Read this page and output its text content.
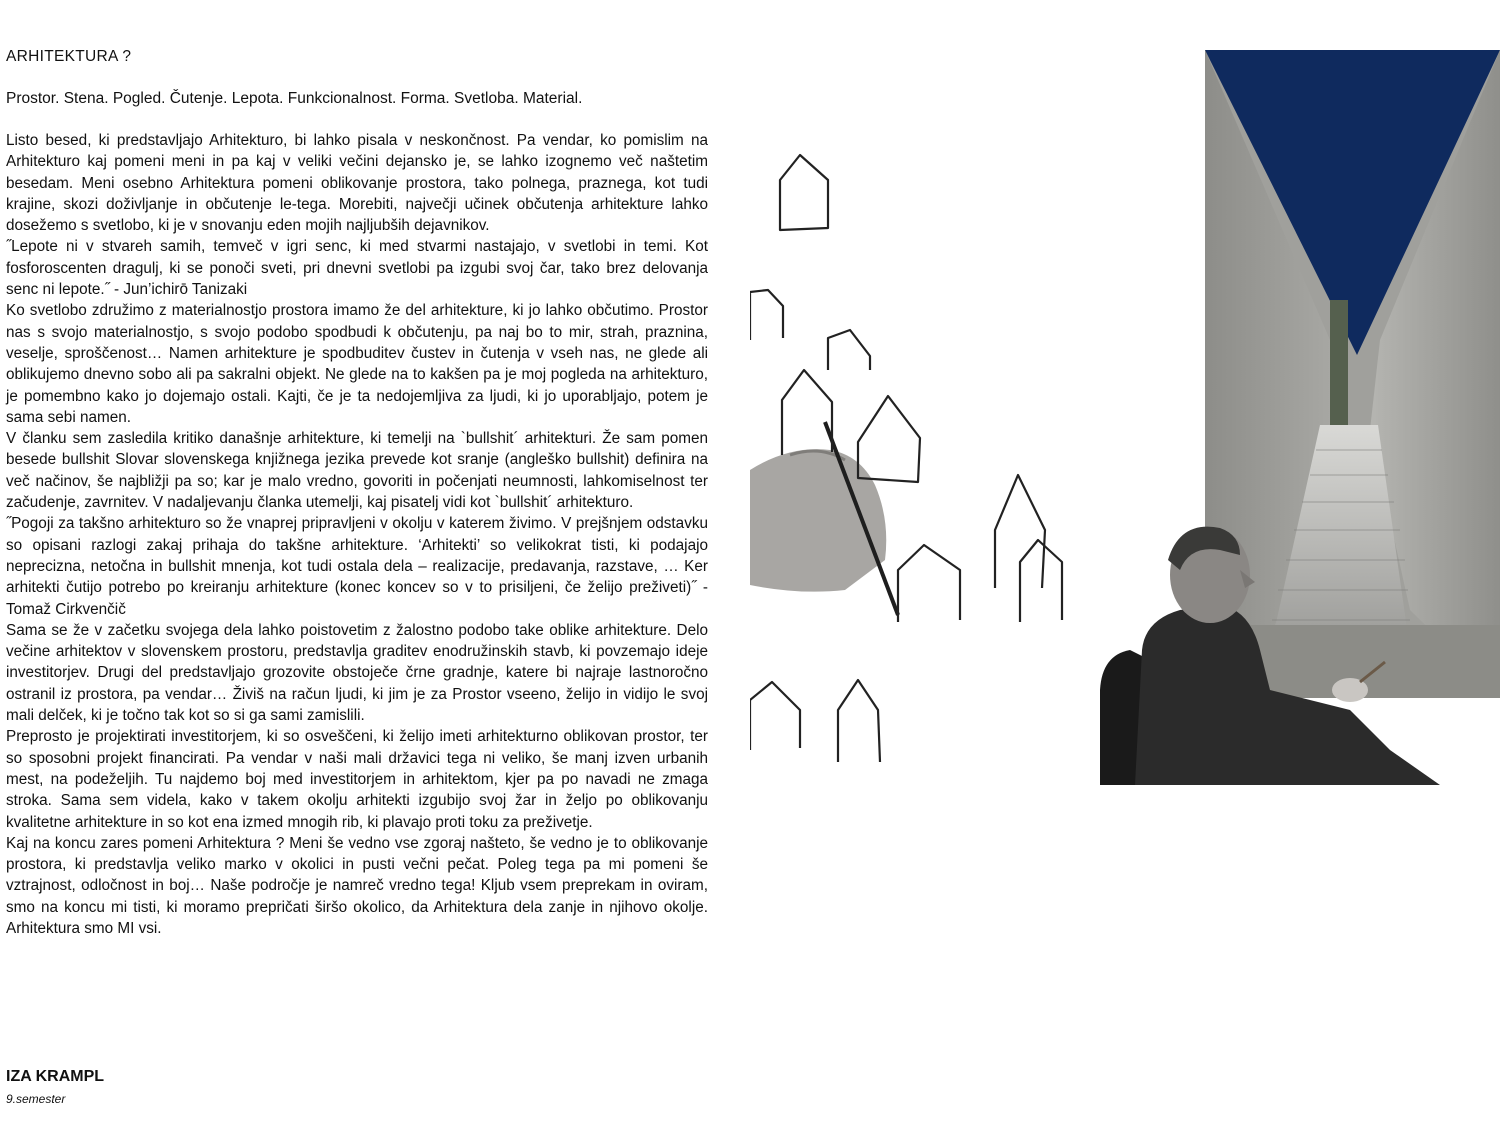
ARHITEKTURA ?

Prostor. Stena. Pogled. Čutenje. Lepota. Funkcionalnost. Forma. Svetloba. Material.

Listo besed, ki predstavljajo Arhitekturo, bi lahko pisala v neskončnost. Pa vendar, ko pomislim na Arhitekturo kaj pomeni meni in pa kaj v veliki večini dejansko je, se lahko izognemo več naštetim besedam. Meni osebno Arhitektura pomeni oblikovanje prostora, tako polnega, praznega, kot tudi krajine, skozi doživljanje in občutenje le-tega. Morebiti, največji učinek občutenja arhitekture lahko dosežemo s svetlobo, ki je v snovanju eden mojih najljubših dejavnikov.

˝Lepote ni v stvareh samih, temveč v igri senc, ki med stvarmi nastajajo, v svetlobi in temi. Kot fosforoscenten dragulj, ki se ponoči sveti, pri dnevni svetlobi pa izgubi svoj čar, tako brez delovanja senc ni lepote.˝ - Jun’ichirō Tanizaki

Ko svetlobo združimo z materialnostjo prostora imamo že del arhitekture, ki jo lahko občutimo. Prostor nas s svojo materialnostjo, s svojo podobo spodbudi k občutenju, pa naj bo to mir, strah, praznina, veselje, sproščenost… Namen arhitekture je spodbuditev čustev in čutenja v vseh nas, ne glede ali oblikujemo dnevno sobo ali pa sakralni objekt. Ne glede na to kakšen pa je moj pogleda na arhitekturo, je pomembno kako jo dojemajo ostali. Kajti, če je ta nedojemljiva za ljudi, ki jo uporabljajo, potem je sama sebi namen.

V članku sem zasledila kritiko današnje arhitekture, ki temelji na `bullshit´ arhitekturi. Že sam pomen besede bullshit Slovar slovenskega knjižnega jezika prevede kot sranje (angleško bullshit) definira na več načinov, še najbližji pa so; kar je malo vredno, govoriti in počenjati neumnosti, lahkomiselnost ter začudenje, zavrnitev. V nadaljevanju članka utemelji, kaj pisatelj vidi kot `bullshit´ arhitekturo.

˝Pogoji za takšno arhitekturo so že vnaprej pripravljeni v okolju v katerem živimo. V prejšnjem odstavku so opisani razlogi zakaj prihaja do takšne arhitekture. ‘Arhitekti’ so velikokrat tisti, ki podajajo neprecizna, netočna in bullshit mnenja, kot tudi ostala dela – realizacije, predavanja, razstave, … Ker arhitekti čutijo potrebo po kreiranju arhitekture (konec koncev so v to prisiljeni, če želijo preživeti)˝ - Tomaž Cirkvenčič

Sama se že v začetku svojega dela lahko poistovetim z žalostno podobo take oblike arhitekture. Delo večine arhitektov v slovenskem prostoru, predstavlja graditev enodružinskih stavb, ki povzemajo ideje investitorjev. Drugi del predstavljajo grozovite obstoječe črne gradnje, katere bi najraje lastnoročno ostranil iz prostora, pa vendar… Živiš na račun ljudi, ki jim je za Prostor vseeno, želijo in vidijo le svoj mali delček, ki je točno tak kot so si ga sami zamislili.

Preprosto je projektirati investitorjem, ki so osveščeni, ki želijo imeti arhitekturno oblikovan prostor, ter so sposobni projekt financirati. Pa vendar v naši mali državici tega ni veliko, še manj izven urbanih mest, na podeželjih. Tu najdemo boj med investitorjem in arhitektom, kjer pa po navadi ne zmaga stroka. Sama sem videla, kako v takem okolju arhitekti izgubijo svoj žar in željo po oblikovanju kvalitetne arhitekture in so kot ena izmed mnogih rib, ki plavajo proti toku za preživetje.

Kaj na koncu zares pomeni Arhitektura ? Meni še vedno vse zgoraj našteto, še vedno je to oblikovanje prostora, ki predstavlja veliko marko v okolici in pusti večni pečat. Poleg tega pa mi pomeni še vztrajnost, odločnost in boj… Naše področje je namreč vredno tega! Kljub vsem preprekam in oviram, smo na koncu mi tisti, ki moramo prepričati širšo okolico, da Arhitektura dela zanje in njihovo okolje. Arhitektura smo MI vsi.

IZA KRAMPL
9.semester
